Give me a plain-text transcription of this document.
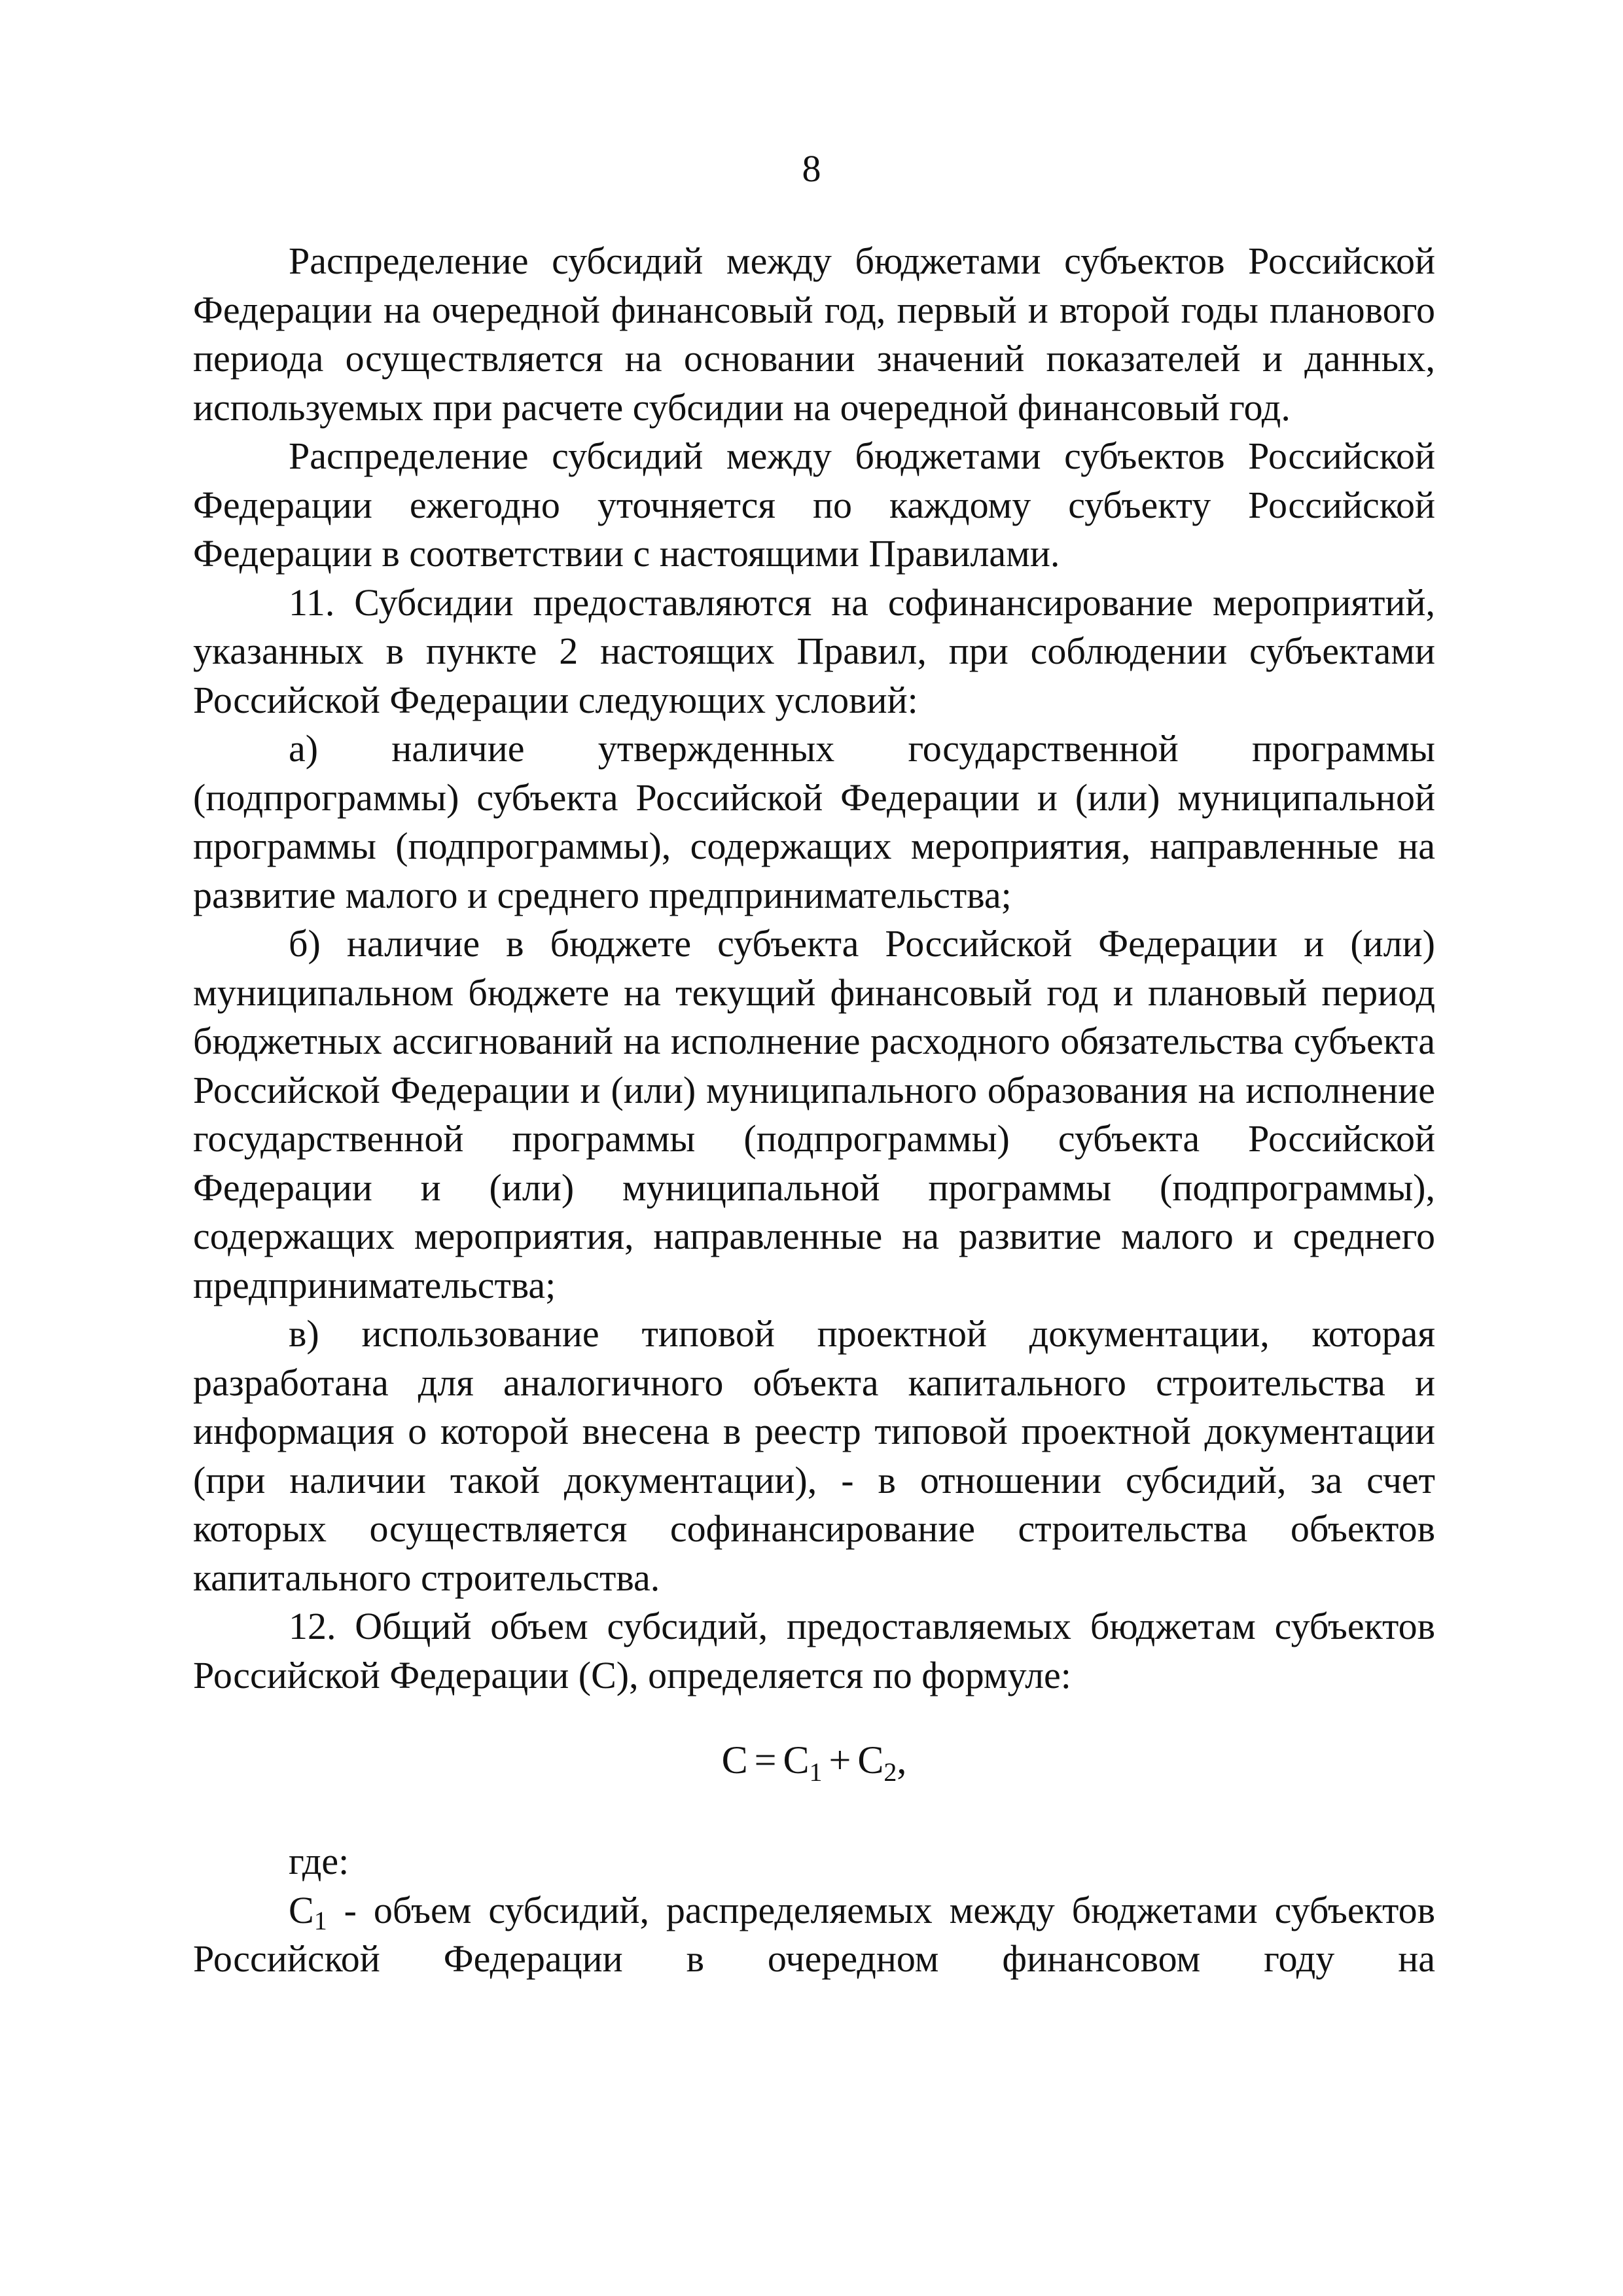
8

Распределение субсидий между бюджетами субъектов Российской Федерации на очередной финансовый год, первый и второй годы планового периода осуществляется на основании значений показателей и данных, используемых при расчете субсидии на очередной финансовый год.

Распределение субсидий между бюджетами субъектов Российской Федерации ежегодно уточняется по каждому субъекту Российской Федерации в соответствии с настоящими Правилами.

11. Субсидии предоставляются на софинансирование мероприятий, указанных в пункте 2 настоящих Правил, при соблюдении субъектами Российской Федерации следующих условий:

а) наличие утвержденных государственной программы (подпрограммы) субъекта Российской Федерации и (или) муниципальной программы (подпрограммы), содержащих мероприятия, направленные на развитие малого и среднего предпринимательства;

б) наличие в бюджете субъекта Российской Федерации и (или) муниципальном бюджете на текущий финансовый год и плановый период бюджетных ассигнований на исполнение расходного обязательства субъекта Российской Федерации и (или) муниципального образования на исполнение государственной программы (подпрограммы) субъекта Российской Федерации и (или) муниципальной программы (подпрограммы), содержащих мероприятия, направленные на развитие малого и среднего предпринимательства;

в) использование типовой проектной документации, которая разработана для аналогичного объекта капитального строительства и информация о которой внесена в реестр типовой проектной документации (при наличии такой документации), - в отношении субсидий, за счет которых осуществляется софинансирование строительства объектов капитального строительства.

12. Общий объем субсидий, предоставляемых бюджетам субъектов Российской Федерации (С), определяется по формуле:

$С = С_1 + С_2$,

где:

$С_1$ - объем субсидий, распределяемых между бюджетами субъектов Российской Федерации в очередном финансовом году на
